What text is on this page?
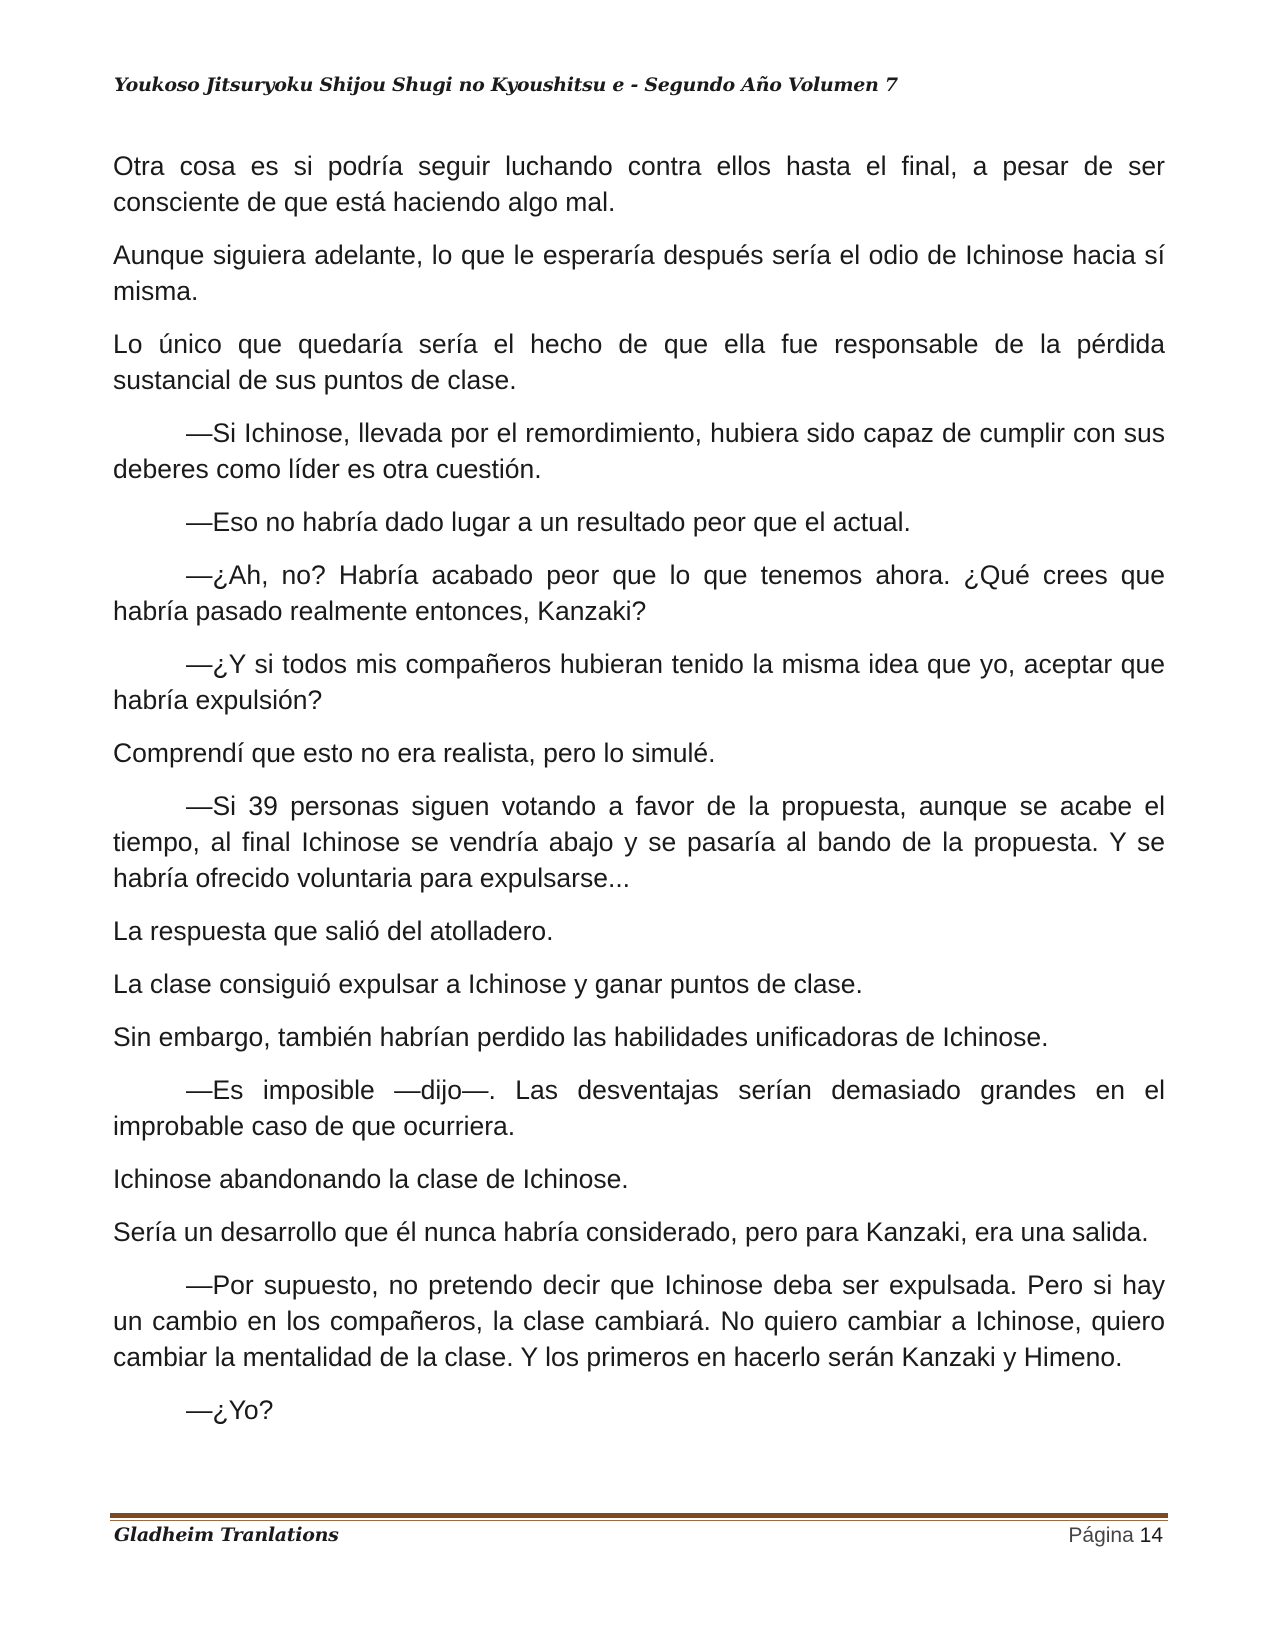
Youkoso Jitsuryoku Shijou Shugi no Kyoushitsu e - Segundo Año Volumen 7

Otra cosa es si podría seguir luchando contra ellos hasta el final, a pesar de ser consciente de que está haciendo algo mal.

Aunque siguiera adelante, lo que le esperaría después sería el odio de Ichinose hacia sí misma.

Lo único que quedaría sería el hecho de que ella fue responsable de la pérdida sustancial de sus puntos de clase.

—Si Ichinose, llevada por el remordimiento, hubiera sido capaz de cumplir con sus deberes como líder es otra cuestión.

—Eso no habría dado lugar a un resultado peor que el actual.

—¿Ah, no? Habría acabado peor que lo que tenemos ahora. ¿Qué crees que habría pasado realmente entonces, Kanzaki?

—¿Y si todos mis compañeros hubieran tenido la misma idea que yo, aceptar que habría expulsión?

Comprendí que esto no era realista, pero lo simulé.

—Si 39 personas siguen votando a favor de la propuesta, aunque se acabe el tiempo, al final Ichinose se vendría abajo y se pasaría al bando de la propuesta. Y se habría ofrecido voluntaria para expulsarse...

La respuesta que salió del atolladero.

La clase consiguió expulsar a Ichinose y ganar puntos de clase.

Sin embargo, también habrían perdido las habilidades unificadoras de Ichinose.

—Es imposible —dijo—. Las desventajas serían demasiado grandes en el improbable caso de que ocurriera.

Ichinose abandonando la clase de Ichinose.

Sería un desarrollo que él nunca habría considerado, pero para Kanzaki, era una salida.

—Por supuesto, no pretendo decir que Ichinose deba ser expulsada. Pero si hay un cambio en los compañeros, la clase cambiará. No quiero cambiar a Ichinose, quiero cambiar la mentalidad de la clase. Y los primeros en hacerlo serán Kanzaki y Himeno.

—¿Yo?

Gladheim Tranlations	Página 14
